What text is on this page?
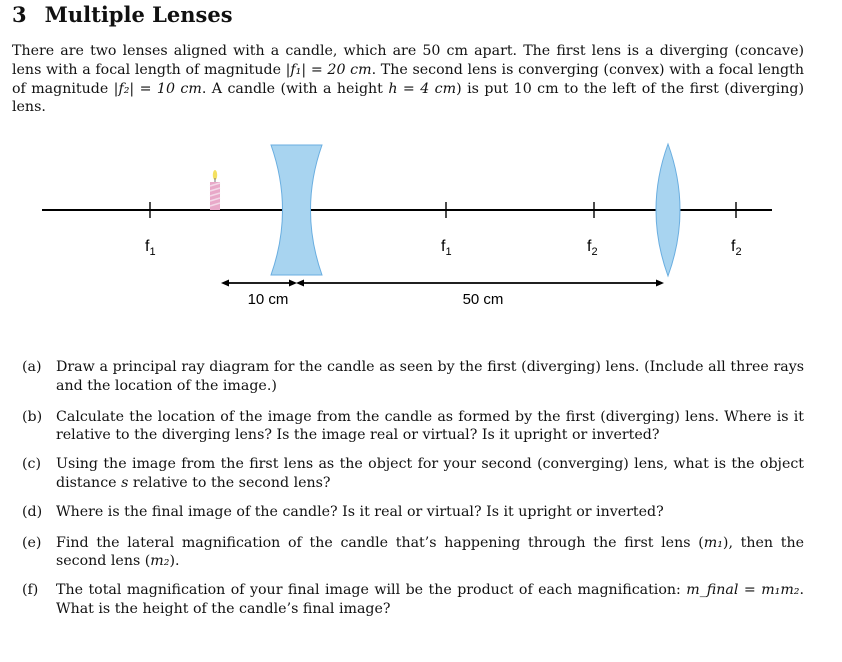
3 Multiple Lenses
There are two lenses aligned with a candle, which are 50 cm apart. The first lens is a diverging (concave) lens with a focal length of magnitude |f₁| = 20 cm. The second lens is converging (convex) with a focal length of magnitude |f₂| = 10 cm. A candle (with a height h = 4 cm) is put 10 cm to the left of the first (diverging) lens.
$f_1$	$f_1$	$f_2$	$f_2$
10 cm	50 cm
(a) Draw a principal ray diagram for the candle as seen by the first (diverging) lens. (Include all three rays and the location of the image.)
(b) Calculate the location of the image from the candle as formed by the first (diverging) lens. Where is it relative to the diverging lens? Is the image real or virtual? Is it upright or inverted?
(c) Using the image from the first lens as the object for your second (converging) lens, what is the object distance s relative to the second lens?
(d) Where is the final image of the candle? Is it real or virtual? Is it upright or inverted?
(e) Find the lateral magnification of the candle that’s happening through the first lens (m₁), then the second lens (m₂).
(f) The total magnification of your final image will be the product of each magnification: m_final = m₁m₂. What is the height of the candle’s final image?
